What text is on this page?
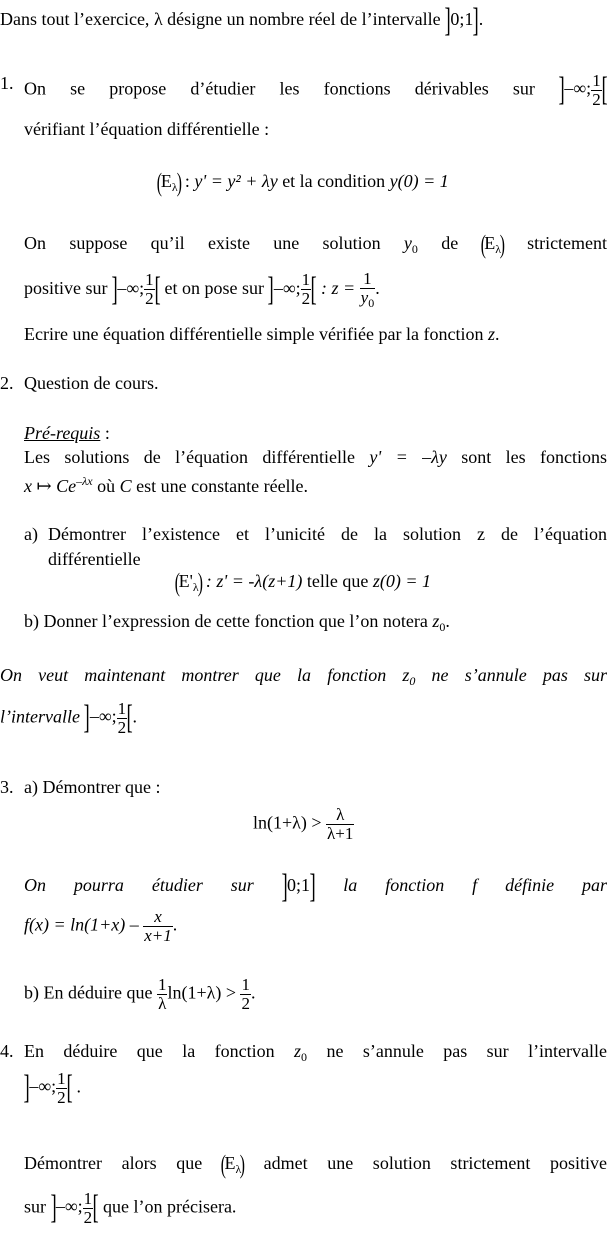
Dans tout l’exercice, λ désigne un nombre réel de l’intervalle ]0;1].
1. On se propose d’étudier les fonctions dérivables sur ]–∞; $\frac{1}{2}$ [
vérifiant l’équation différentielle :
$(E_\lambda)$ : y' = y² + λy et la condition y(0) = 1
On suppose qu’il existe une solution $y_0$ de $(E_\lambda)$ strictement
positive sur ]–∞; $\frac{1}{2}$ [ et on pose sur ]–∞; $\frac{1}{2}$ [ : $z = \frac{1}{y_0}$ .
Ecrire une équation différentielle simple vérifiée par la fonction z.
2. Question de cours.
Pré-requis :
Les solutions de l’équation différentielle y' = –λy sont les fonctions
x ↦ $Ce^{-\lambda x}$ où C est une constante réelle.
a) Démontrer l’existence et l’unicité de la solution z de l’équation
différentielle
$(E'_\lambda)$ : z' = -λ(z+1) telle que z(0) = 1
b) Donner l’expression de cette fonction que l’on notera $z_0$.
On veut maintenant montrer que la fonction $z_0$ ne s’annule pas sur
l’intervalle ]–∞; $\frac{1}{2}$ [.
3. a) Démontrer que :
$\ln(1+\lambda) > \frac{\lambda}{\lambda+1}$
On pourra étudier sur ]0;1] la fonction f définie par
$f(x) = \ln(1+x) - \frac{x}{x+1}$ .
b) En déduire que $\frac{1}{\lambda} \ln(1+\lambda) > \frac{1}{2}$ .
4. En déduire que la fonction $z_0$ ne s’annule pas sur l’intervalle
]–∞; $\frac{1}{2}$ [ .
Démontrer alors que $(E_\lambda)$ admet une solution strictement positive
sur ]–∞; $\frac{1}{2}$ [ que l’on précisera.
